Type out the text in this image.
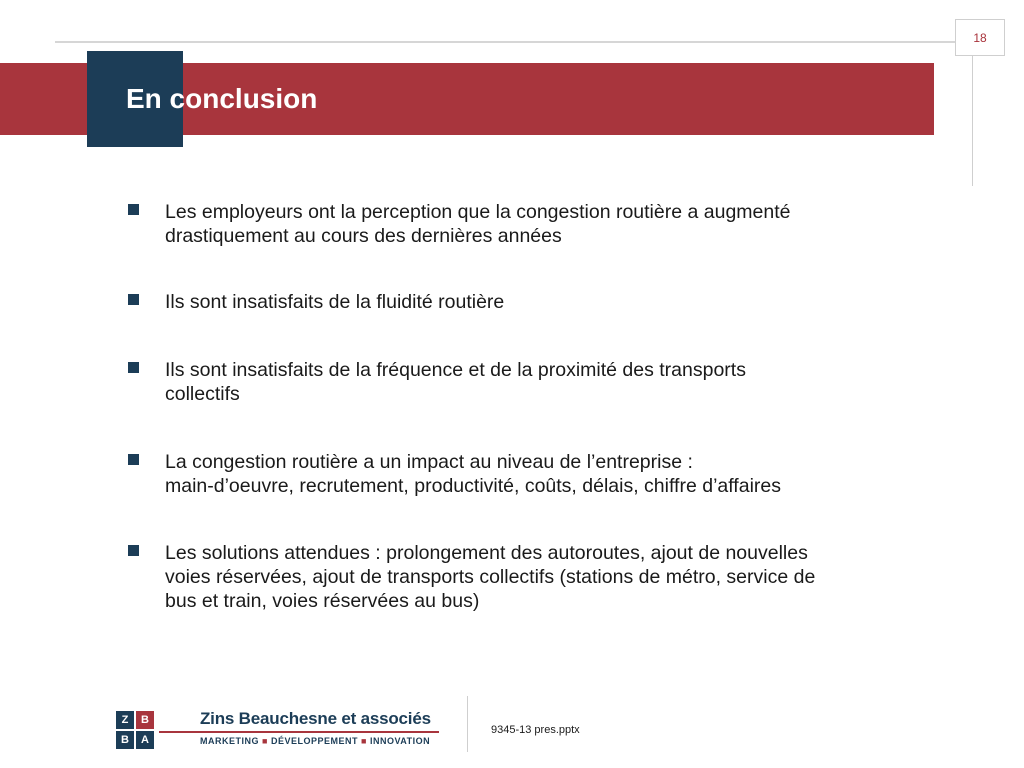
18
En conclusion
Les employeurs ont la perception que la congestion routière a augmenté
drastiquement au cours des dernières années
Ils sont insatisfaits de la fluidité routière
Ils sont insatisfaits de la fréquence et de la proximité des transports
collectifs
La congestion routière a un impact au niveau de l’entreprise :
main-d’oeuvre, recrutement, productivité, coûts, délais, chiffre d’affaires
Les solutions attendues : prolongement des autoroutes, ajout de nouvelles
voies réservées, ajout de transports collectifs (stations de métro, service de
bus et train, voies réservées au bus)
Z	B
B	A
Zins Beauchesne et associés
MARKETING ■ DÉVELOPPEMENT ■ INNOVATION
9345-13 pres.pptx
